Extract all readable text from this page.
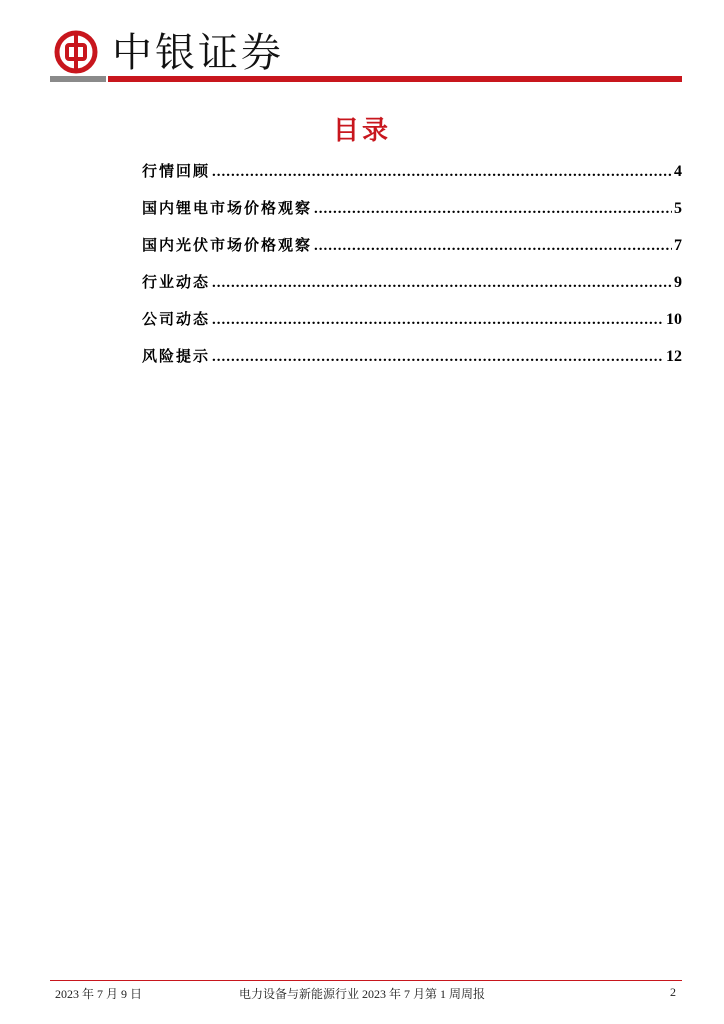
中银证券
目录
行情回顾 .....	4
国内锂电市场价格观察 .....	5
国内光伏市场价格观察 .....	7
行业动态 .....	9
公司动态 .....	10
风险提示 .....	12
2023 年 7 月 9 日	电力设备与新能源行业 2023 年 7 月第 1 周周报	2
